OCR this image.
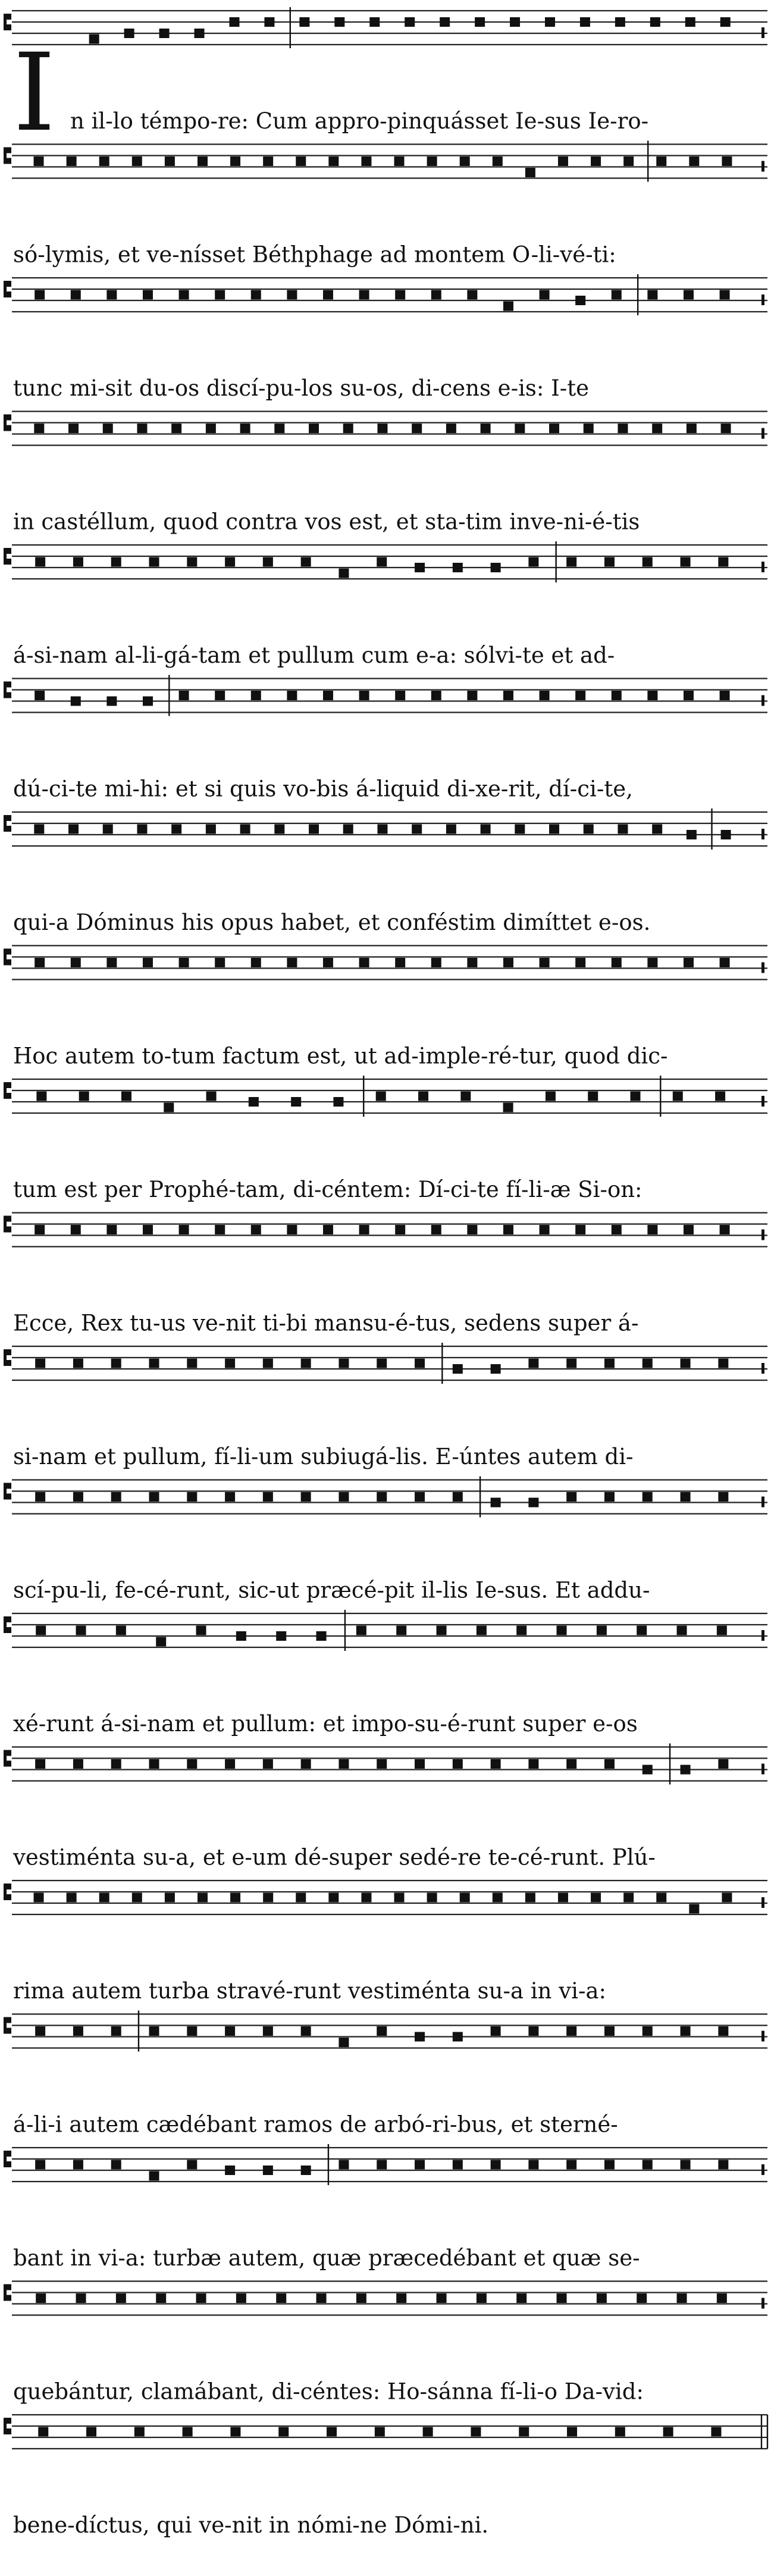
I n il-lo témpo-re: Cum appro-pinquásset Ie-sus Ie-ro-
só-lymis, et ve-nísset Béthphage ad montem O-li-vé-ti:
tunc mi-sit du-os discí-pu-los su-os, di-cens e-is: I-te
in castéllum, quod contra vos est, et sta-tim inve-ni-é-tis
á-si-nam al-li-gá-tam et pullum cum e-a: sólvi-te et ad-
dú-ci-te mi-hi: et si quis vo-bis á-liquid di-xe-rit, dí-ci-te,
qui-a Dóminus his opus habet, et conféstim dimíttet e-os.
Hoc autem to-tum factum est, ut ad-imple-ré-tur, quod dic-
tum est per Prophé-tam, di-céntem: Dí-ci-te fí-li-æ Si-on:
Ecce, Rex tu-us ve-nit ti-bi mansu-é-tus, sedens super á-
si-nam et pullum, fí-li-um subiugá-lis. E-úntes autem di-
scí-pu-li, fe-cé-runt, sic-ut præcé-pit il-lis Ie-sus. Et addu-
xé-runt á-si-nam et pullum: et impo-su-é-runt super e-os
vestiménta su-a, et e-um dé-super sedé-re te-cé-runt. Plú-
rima autem turba stravé-runt vestiménta su-a in vi-a:
á-li-i autem cædébant ramos de arbó-ri-bus, et sterné-
bant in vi-a: turbæ autem, quæ præcedébant et quæ se-
quebántur, clamábant, di-céntes: Ho-sánna fí-li-o Da-vid:
bene-díctus, qui ve-nit in nómi-ne Dómi-ni.
